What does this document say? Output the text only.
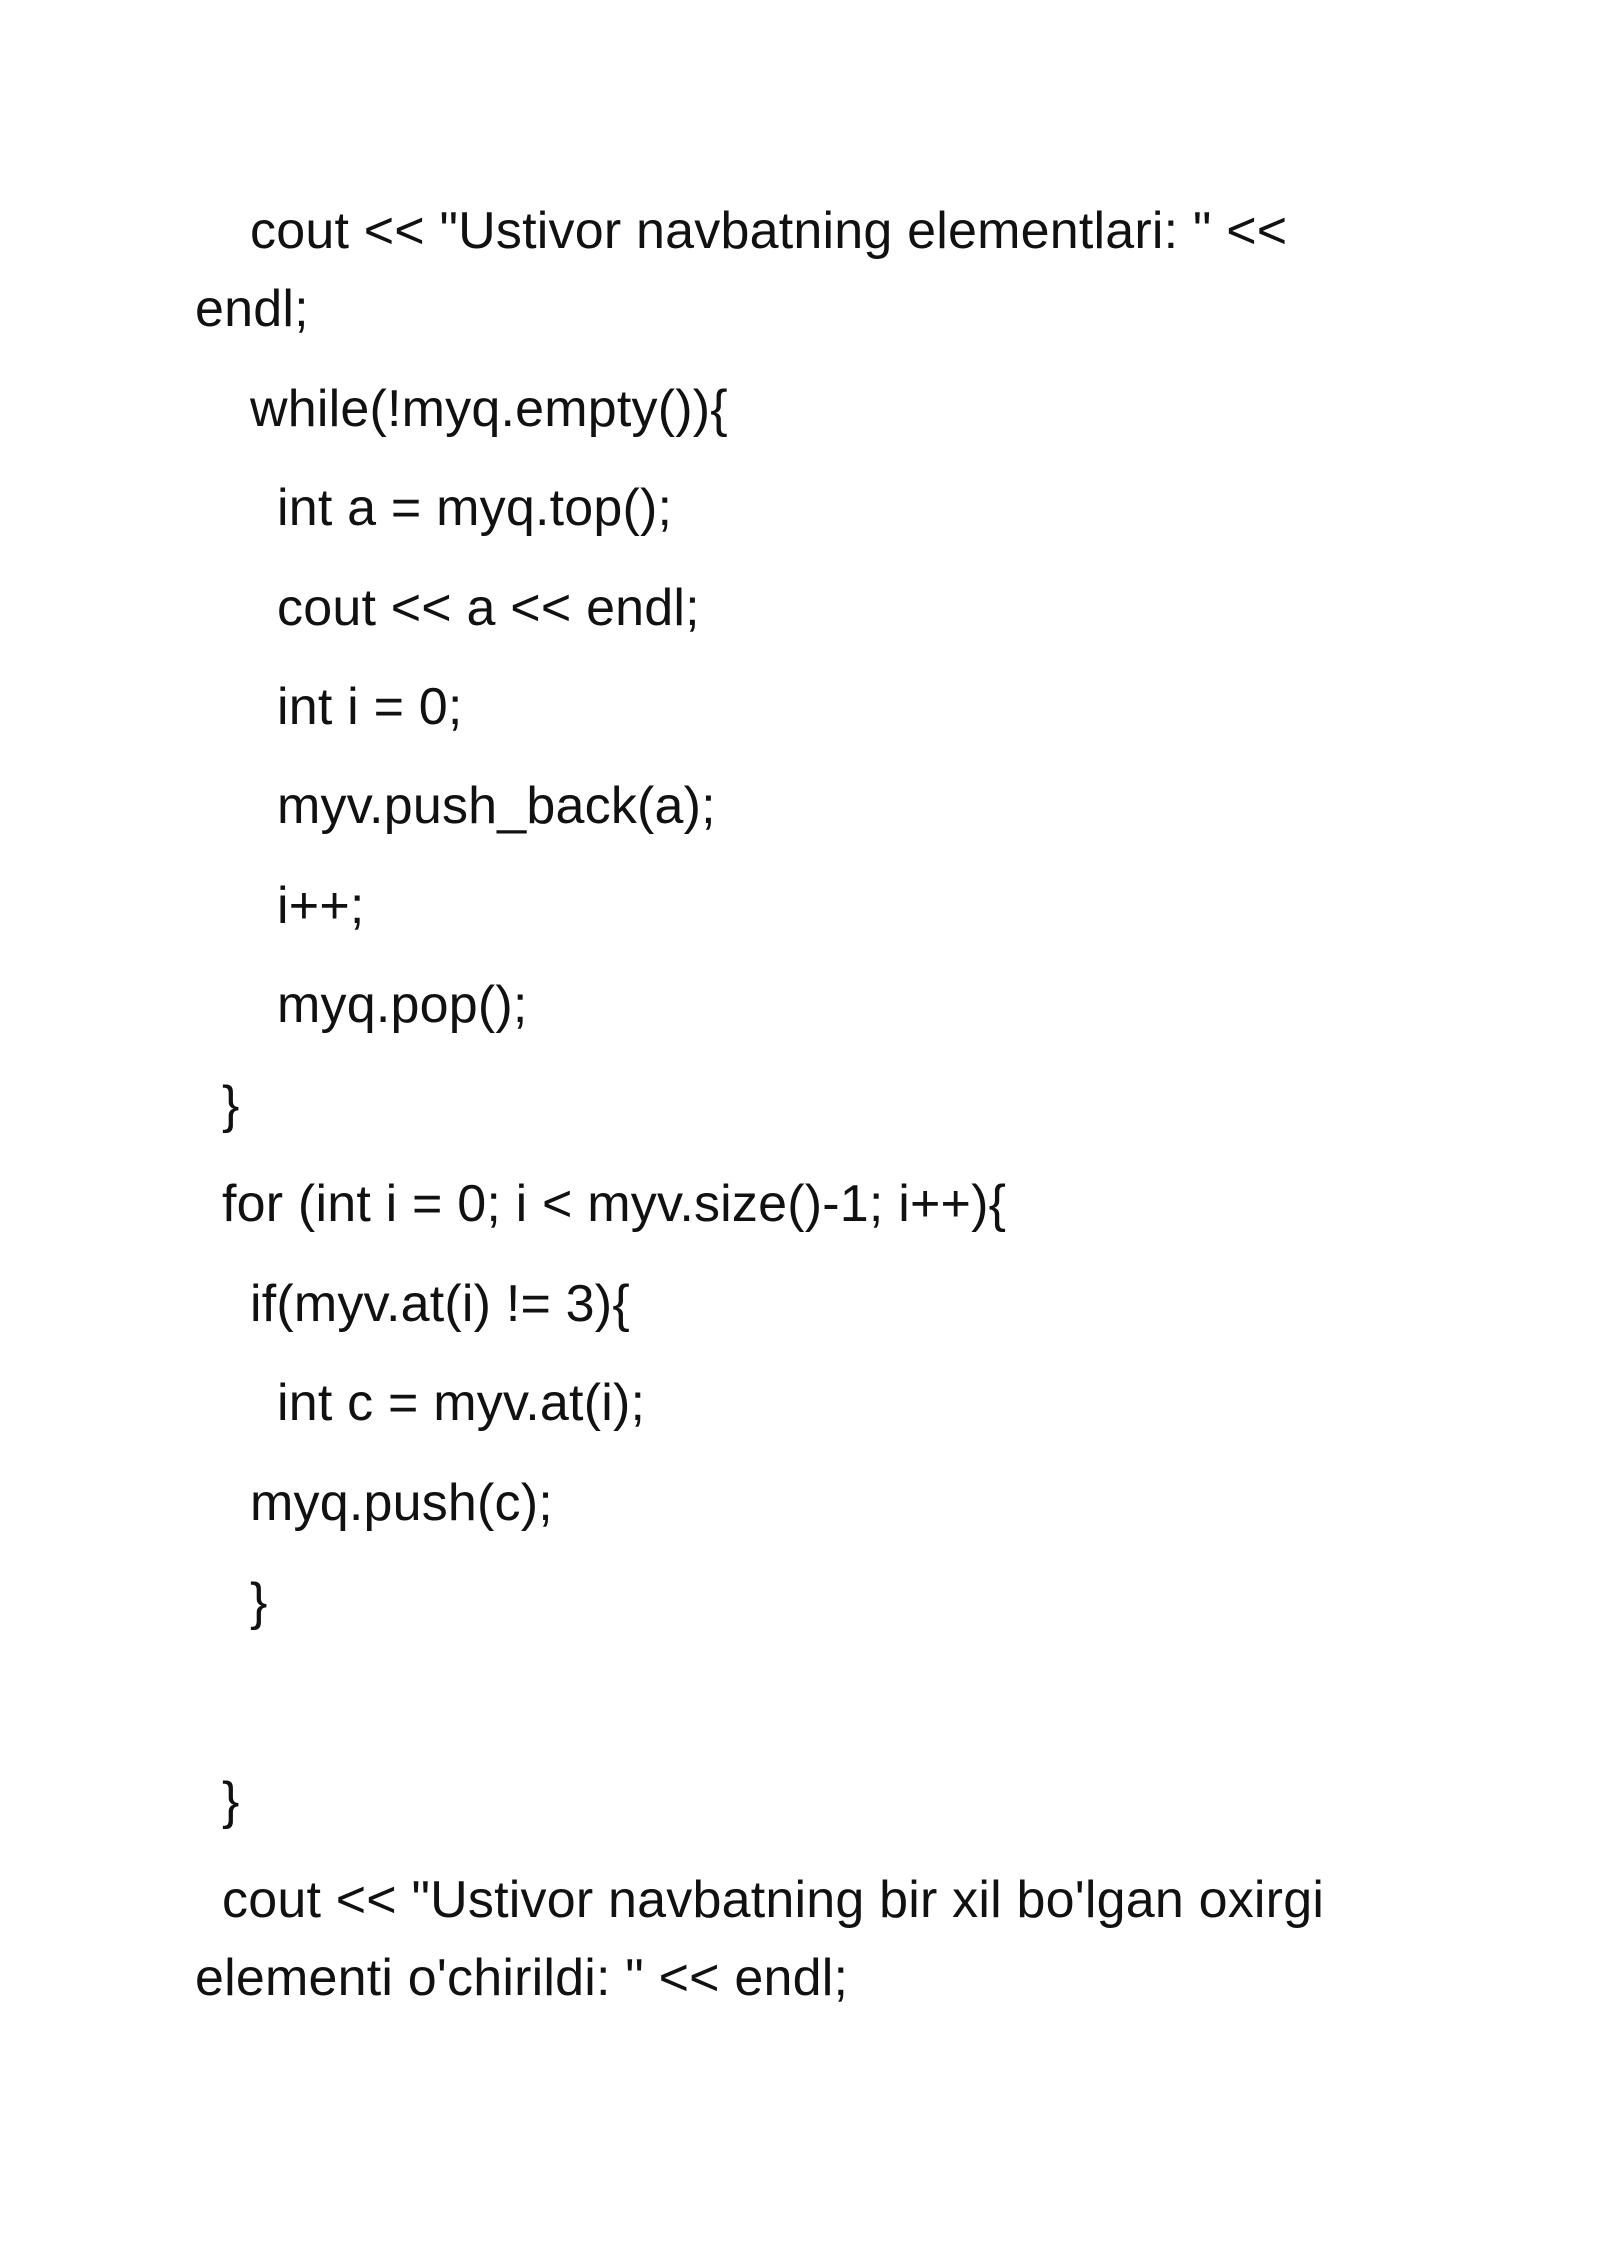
cout << "Ustivor navbatning elementlari: " <<
endl;
while(!myq.empty()){
int a = myq.top();
cout << a << endl;
int i = 0;
myv.push_back(a);
i++;
myq.pop();
}
for (int i = 0; i < myv.size()-1; i++){
if(myv.at(i) != 3){
int c = myv.at(i);
myq.push(c);
}
}
cout << "Ustivor navbatning bir xil bo'lgan oxirgi
elementi o'chirildi: " << endl;
